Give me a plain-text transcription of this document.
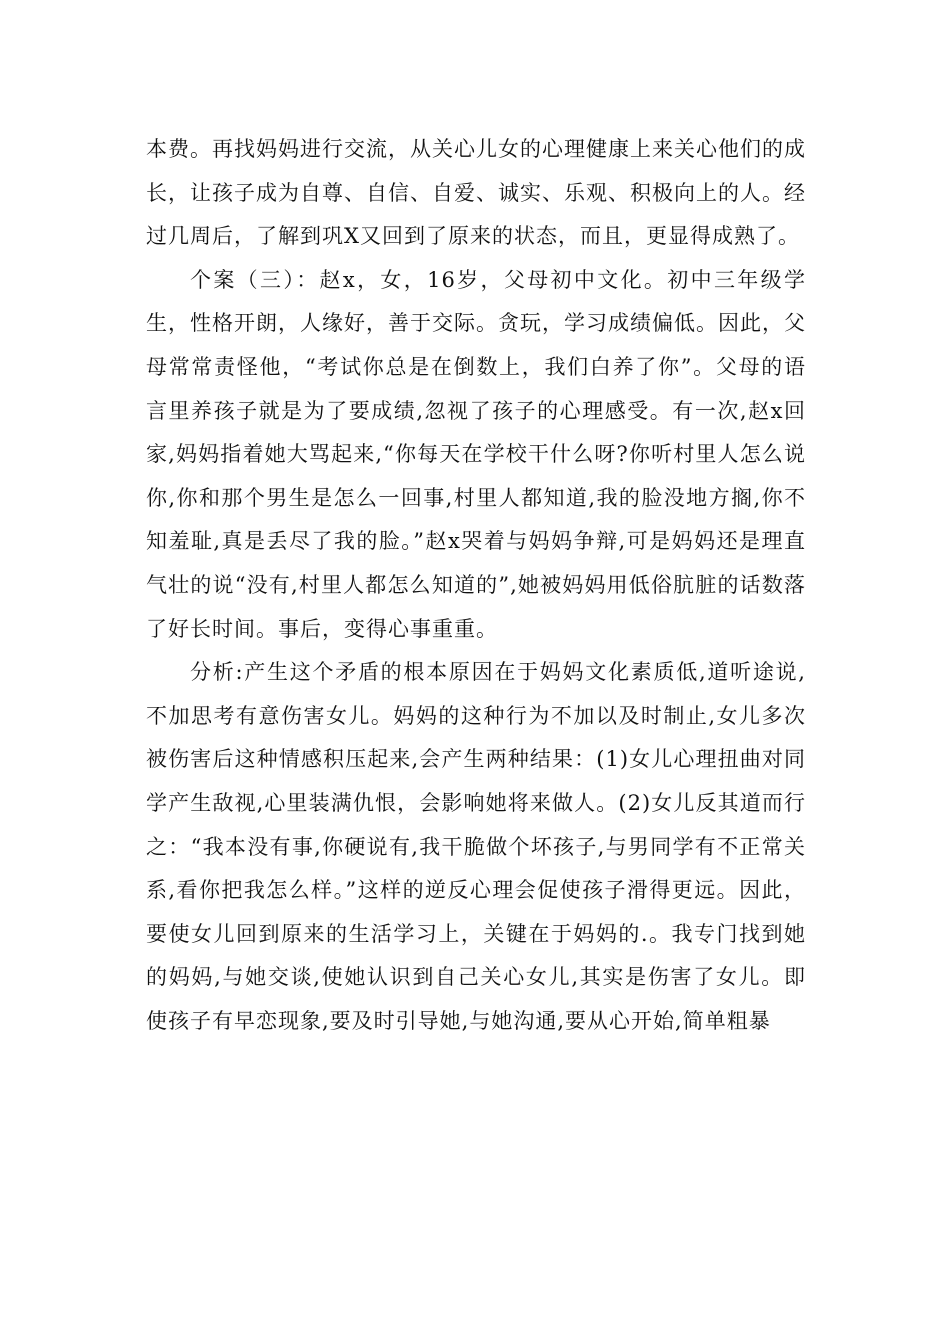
本费。再找妈妈进行交流，从关心儿女的心理健康上来关心他们的成长，让孩子成为自尊、自信、自爱、诚实、乐观、积极向上的人。经过几周后，了解到巩X又回到了原来的状态，而且，更显得成熟了。

个案（三）：赵x，女，16岁，父母初中文化。初中三年级学生，性格开朗，人缘好，善于交际。贪玩，学习成绩偏低。因此，父母常常责怪他，“考试你总是在倒数上，我们白养了你”。父母的语言里养孩子就是为了要成绩,忽视了孩子的心理感受。有一次,赵x回家,妈妈指着她大骂起来,“你每天在学校干什么呀?你听村里人怎么说你,你和那个男生是怎么一回事,村里人都知道,我的脸没地方搁,你不知羞耻,真是丢尽了我的脸。”赵x哭着与妈妈争辩,可是妈妈还是理直气壮的说“没有,村里人都怎么知道的”,她被妈妈用低俗肮脏的话数落了好长时间。事后，变得心事重重。

分析:产生这个矛盾的根本原因在于妈妈文化素质低,道听途说,不加思考有意伤害女儿。妈妈的这种行为不加以及时制止,女儿多次被伤害后这种情感积压起来,会产生两种结果：(1)女儿心理扭曲对同学产生敌视,心里装满仇恨，会影响她将来做人。(2)女儿反其道而行之：“我本没有事,你硬说有,我干脆做个坏孩子,与男同学有不正常关系,看你把我怎么样。”这样的逆反心理会促使孩子滑得更远。因此，要使女儿回到原来的生活学习上，关键在于妈妈的.。我专门找到她的妈妈,与她交谈,使她认识到自己关心女儿,其实是伤害了女儿。即使孩子有早恋现象,要及时引导她,与她沟通,要从心开始,简单粗暴
